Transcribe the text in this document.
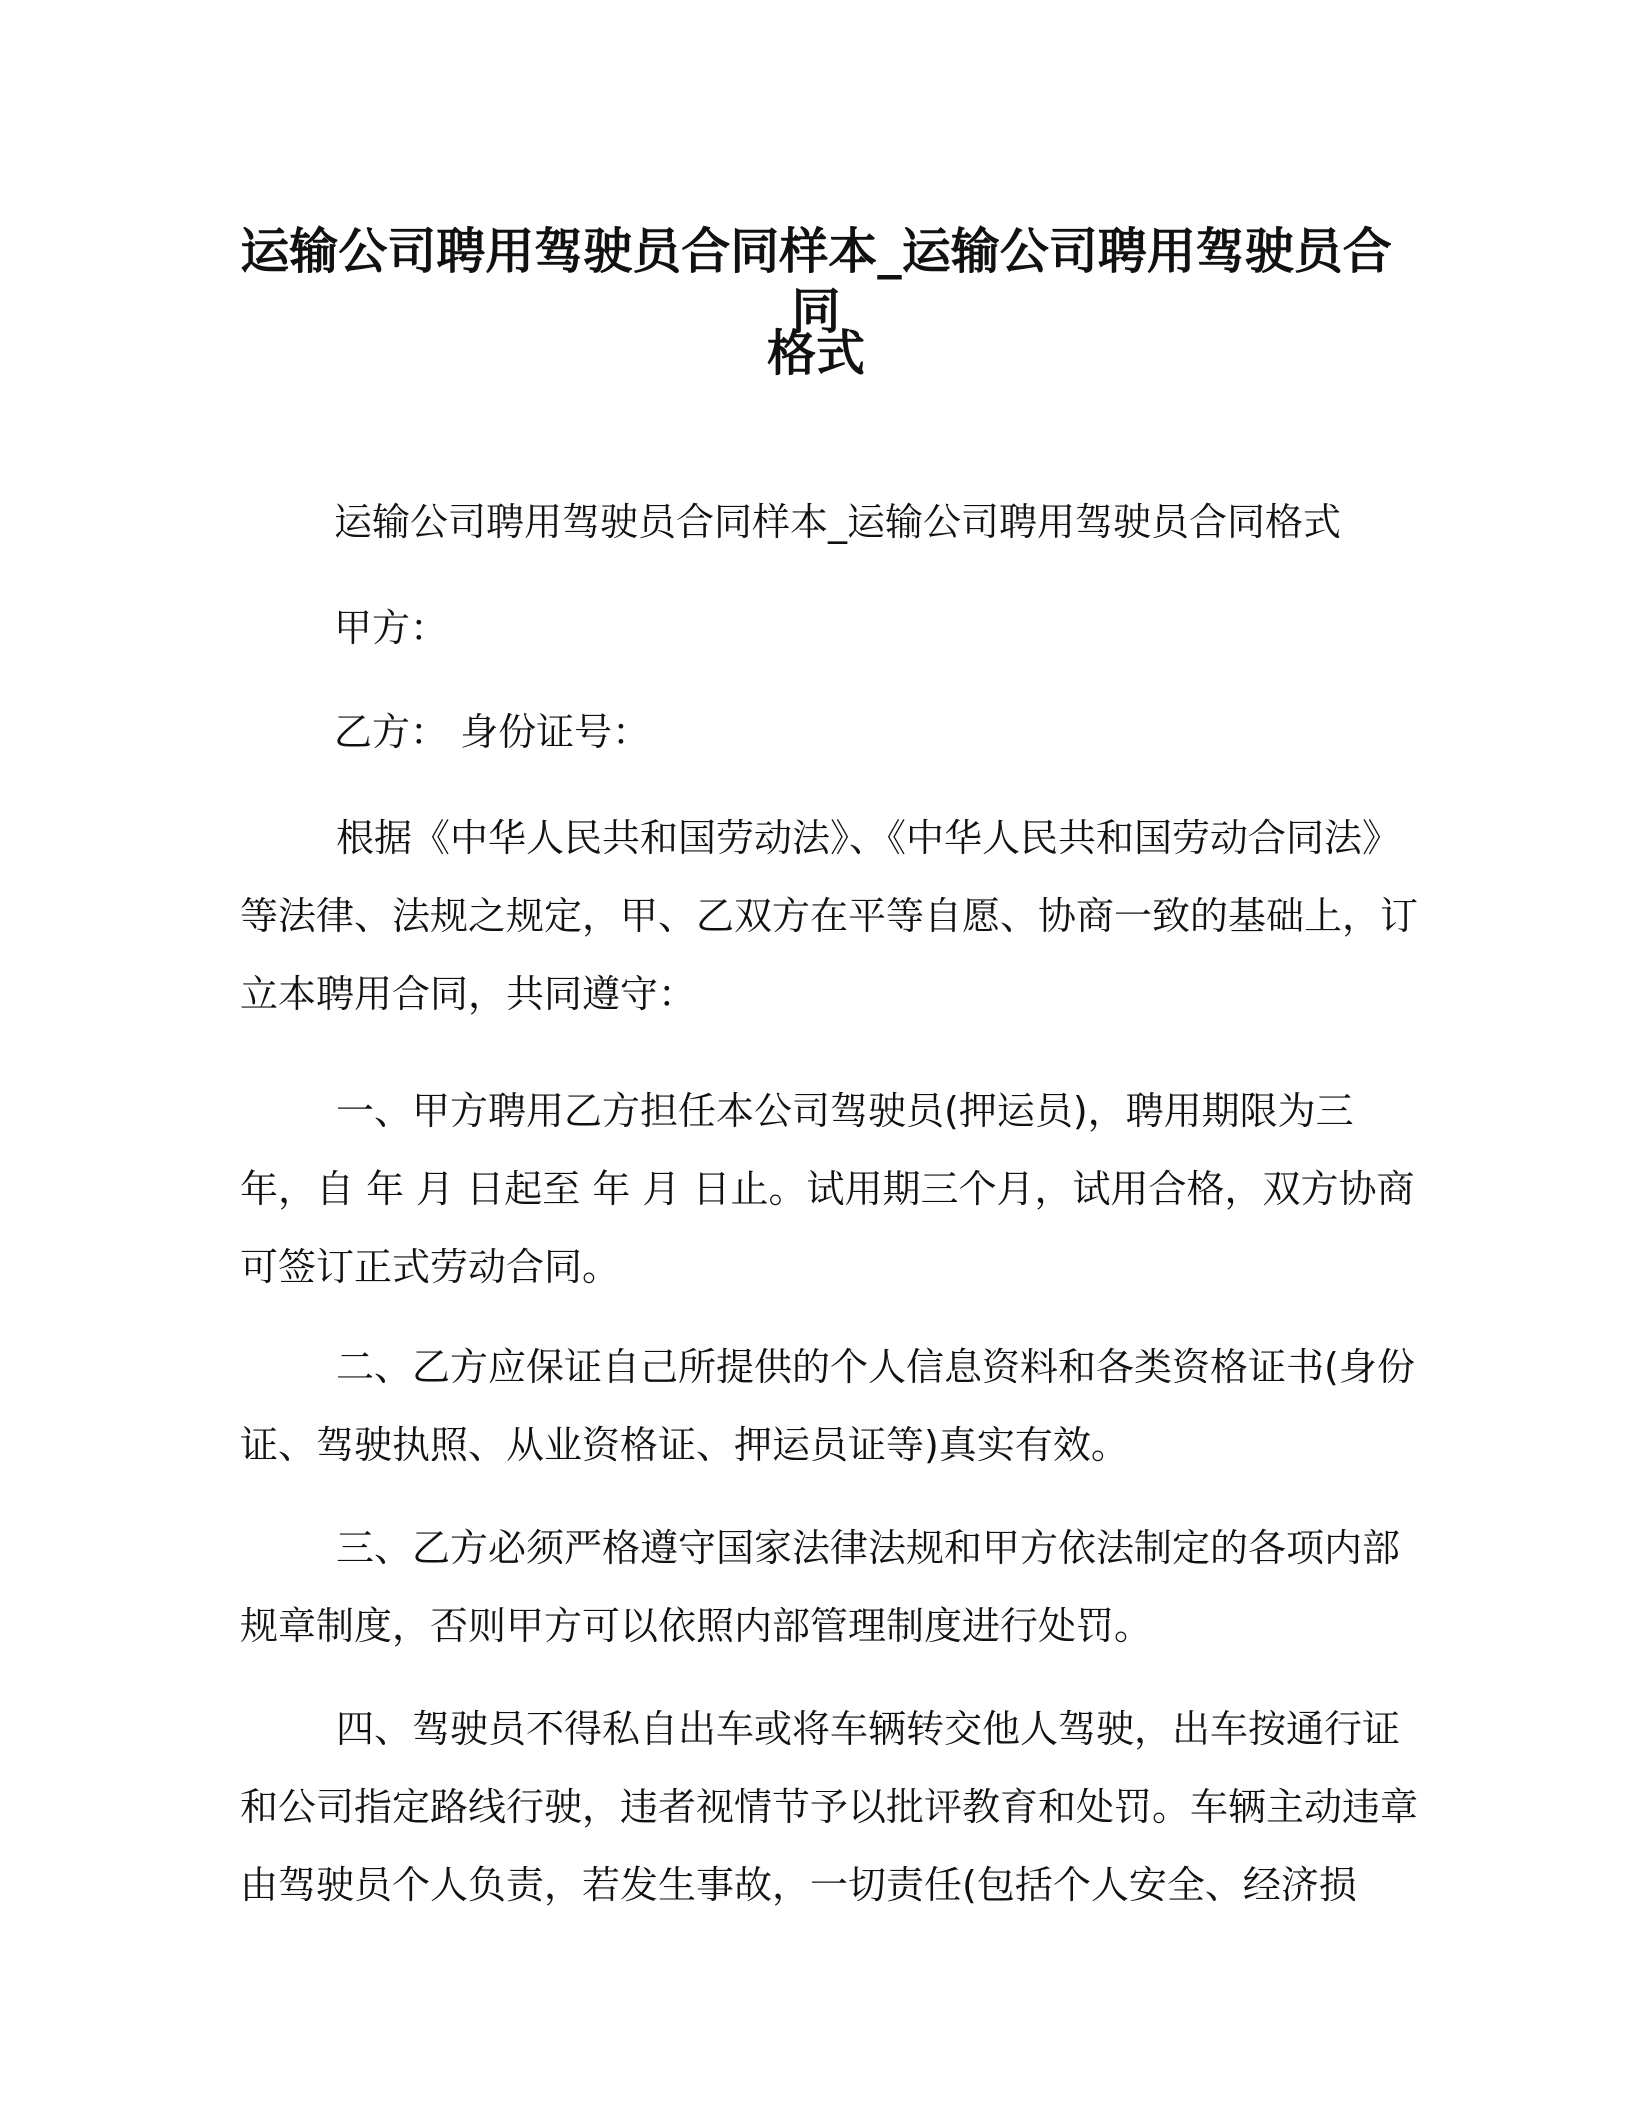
运输公司聘用驾驶员合同样本_运输公司聘用驾驶员合同
格式
运输公司聘用驾驶员合同样本_运输公司聘用驾驶员合同格式
甲方：
乙方： 身份证号：

根据《中华人民共和国劳动法》、《中华人民共和国劳动合同法》等法律、法规之规定，甲、乙双方在平等自愿、协商一致的基础上，订立本聘用合同，共同遵守：

一、甲方聘用乙方担任本公司驾驶员(押运员)，聘用期限为三年，自 年 月 日起至 年 月 日止。试用期三个月，试用合格，双方协商可签订正式劳动合同。

二、乙方应保证自己所提供的个人信息资料和各类资格证书(身份证、驾驶执照、从业资格证、押运员证等)真实有效。

三、乙方必须严格遵守国家法律法规和甲方依法制定的各项内部规章制度，否则甲方可以依照内部管理制度进行处罚。

四、驾驶员不得私自出车或将车辆转交他人驾驶，出车按通行证和公司指定路线行驶，违者视情节予以批评教育和处罚。车辆主动违章由驾驶员个人负责，若发生事故，一切责任(包括个人安全、经济损
